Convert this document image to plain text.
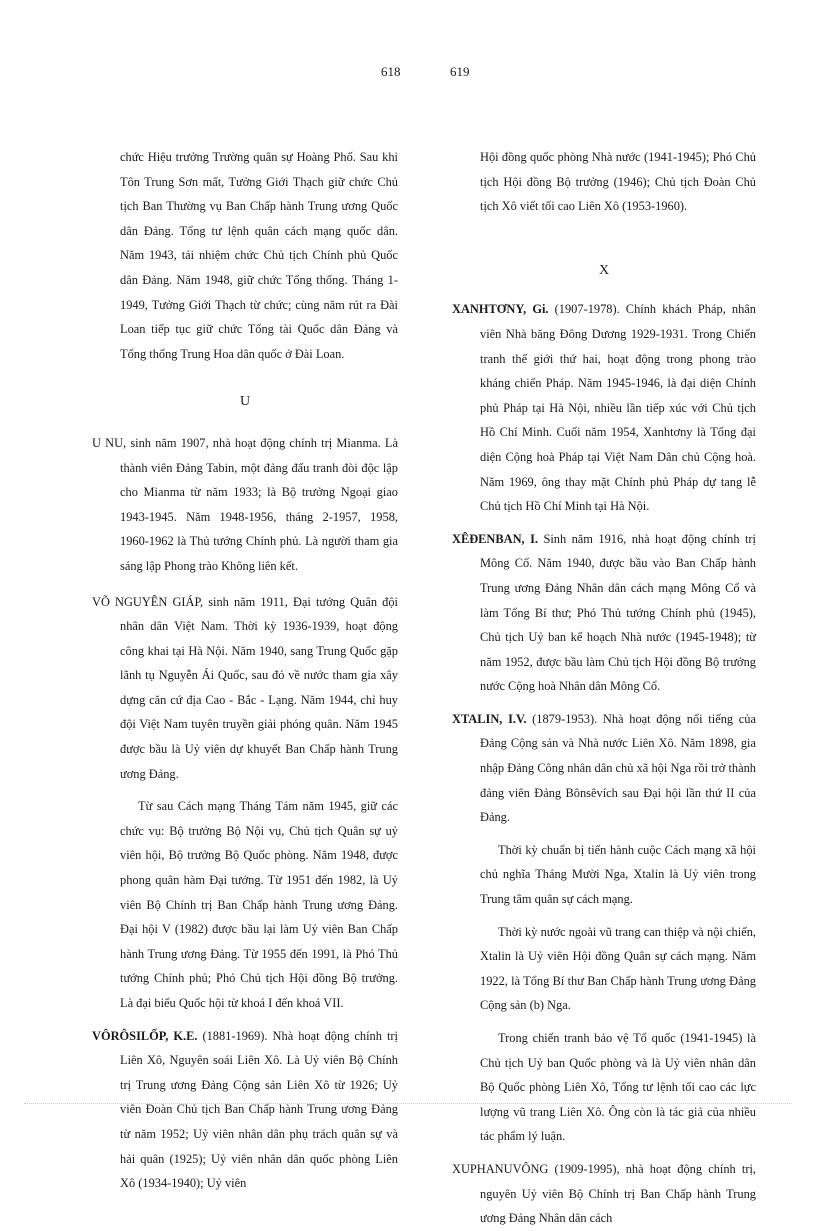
618	619

chức Hiệu trưởng Trường quân sự Hoàng Phố. Sau khi Tôn Trung Sơn mất, Tưởng Giới Thạch giữ chức Chủ tịch Ban Thường vụ Ban Chấp hành Trung ương Quốc dân Đảng. Tổng tư lệnh quân cách mạng quốc dân. Năm 1943, tái nhiệm chức Chủ tịch Chính phủ Quốc dân Đảng. Năm 1948, giữ chức Tổng thống. Tháng 1-1949, Tưởng Giới Thạch từ chức; cùng năm rút ra Đài Loan tiếp tục giữ chức Tổng tài Quốc dân Đảng và Tổng thống Trung Hoa dân quốc ở Đài Loan.

U

U NU, sinh năm 1907, nhà hoạt động chính trị Mianma. Là thành viên Đảng Tabin, một đảng đấu tranh đòi độc lập cho Mianma từ năm 1933; là Bộ trưởng Ngoại giao 1943-1945. Năm 1948-1956, tháng 2-1957, 1958, 1960-1962 là Thủ tướng Chính phủ. Là người tham gia sáng lập Phong trào Không liên kết.

VÕ NGUYÊN GIÁP, sinh năm 1911, Đại tướng Quân đội nhân dân Việt Nam. Thời kỳ 1936-1939, hoạt động công khai tại Hà Nội. Năm 1940, sang Trung Quốc gặp lãnh tụ Nguyễn Ái Quốc, sau đó về nước tham gia xây dựng căn cứ địa Cao - Bắc - Lạng. Năm 1944, chỉ huy đội Việt Nam tuyên truyền giải phóng quân. Năm 1945 được bầu là Uỷ viên dự khuyết Ban Chấp hành Trung ương Đảng.

Từ sau Cách mạng Tháng Tám năm 1945, giữ các chức vụ: Bộ trưởng Bộ Nội vụ, Chủ tịch Quân sự uỷ viên hội, Bộ trưởng Bộ Quốc phòng. Năm 1948, được phong quân hàm Đại tướng. Từ 1951 đến 1982, là Uỷ viên Bộ Chính trị Ban Chấp hành Trung ương Đảng. Đại hội V (1982) được bầu lại làm Uỷ viên Ban Chấp hành Trung ương Đảng. Từ 1955 đến 1991, là Phó Thủ tướng Chính phủ; Phó Chủ tịch Hội đồng Bộ trưởng. Là đại biểu Quốc hội từ khoá I đến khoá VII.

VÔRÔSILỐP, K.E. (1881-1969). Nhà hoạt động chính trị Liên Xô, Nguyên soái Liên Xô. Là Uỷ viên Bộ Chính trị Trung ương Đảng Cộng sản Liên Xô từ 1926; Uỷ viên Đoàn Chủ tịch Ban Chấp hành Trung ương Đảng từ năm 1952; Uỷ viên nhân dân phụ trách quân sự và hải quân (1925); Uỷ viên nhân dân quốc phòng Liên Xô (1934-1940); Uỷ viên

Hội đồng quốc phòng Nhà nước (1941-1945); Phó Chủ tịch Hội đồng Bộ trưởng (1946); Chủ tịch Đoàn Chủ tịch Xô viết tối cao Liên Xô (1953-1960).

X

XANHTƠNY, Gi. (1907-1978). Chính khách Pháp, nhân viên Nhà băng Đông Dương 1929-1931. Trong Chiến tranh thế giới thứ hai, hoạt động trong phong trào kháng chiến Pháp. Năm 1945-1946, là đại diện Chính phủ Pháp tại Hà Nội, nhiều lần tiếp xúc với Chủ tịch Hồ Chí Minh. Cuối năm 1954, Xanhtơny là Tổng đại diện Cộng hoà Pháp tại Việt Nam Dân chủ Cộng hoà. Năm 1969, ông thay mặt Chính phủ Pháp dự tang lễ Chủ tịch Hồ Chí Minh tại Hà Nội.

XÊĐENBAN, I. Sinh năm 1916, nhà hoạt động chính trị Mông Cổ. Năm 1940, được bầu vào Ban Chấp hành Trung ương Đảng Nhân dân cách mạng Mông Cổ và làm Tổng Bí thư; Phó Thủ tướng Chính phủ (1945), Chủ tịch Uỷ ban kế hoạch Nhà nước (1945-1948); từ năm 1952, được bầu làm Chủ tịch Hội đồng Bộ trưởng nước Cộng hoà Nhân dân Mông Cổ.

XTALIN, I.V. (1879-1953). Nhà hoạt động nổi tiếng của Đảng Cộng sản và Nhà nước Liên Xô. Năm 1898, gia nhập Đảng Công nhân dân chủ xã hội Nga rồi trở thành đảng viên Đảng Bônsêvích sau Đại hội lần thứ II của Đảng.

Thời kỳ chuẩn bị tiến hành cuộc Cách mạng xã hội chủ nghĩa Tháng Mười Nga, Xtalin là Uỷ viên trong Trung tâm quân sự cách mạng.

Thời kỳ nước ngoài vũ trang can thiệp và nội chiến, Xtalin là Uỷ viên Hội đồng Quân sự cách mạng. Năm 1922, là Tổng Bí thư Ban Chấp hành Trung ương Đảng Cộng sản (b) Nga.

Trong chiến tranh bảo vệ Tổ quốc (1941-1945) là Chủ tịch Uỷ ban Quốc phòng và là Uỷ viên nhân dân Bộ Quốc phòng Liên Xô, Tổng tư lệnh tối cao các lực lượng vũ trang Liên Xô. Ông còn là tác giả của nhiều tác phẩm lý luận.

XUPHANUVÔNG (1909-1995), nhà hoạt động chính trị, nguyên Uỷ viên Bộ Chính trị Ban Chấp hành Trung ương Đảng Nhân dân cách
